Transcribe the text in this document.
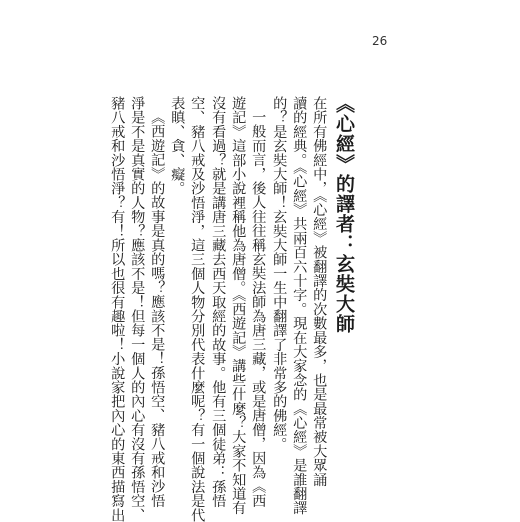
26
《心經》的譯者：玄奘大師
在所有佛經中，《心經》被翻譯的次數最多，也是最常被大眾誦
讀的經典。《心經》共兩百六十字。現在大家念的《心經》是誰翻譯
的？是玄奘大師！玄奘大師一生中翻譯了非常多的佛經。
一般而言，後人往往稱玄奘法師為唐三藏，或是唐僧，因為《西
遊記》這部小說裡稱他為唐僧。《西遊記》講些什麼？大家不知道有
沒有看過？就是講唐三藏去西天取經的故事。他有三個徒弟：孫悟
空、豬八戒及沙悟淨，這三個人物分別代表什麼呢？有一個說法是代
表瞋、貪、癡。
《西遊記》的故事是真的嗎？應該不是！孫悟空、豬八戒和沙悟
淨是不是真實的人物？應該不是！但每一個人的內心有沒有孫悟空、
豬八戒和沙悟淨？有！所以也很有趣啦！小說家把內心的東西描寫出
